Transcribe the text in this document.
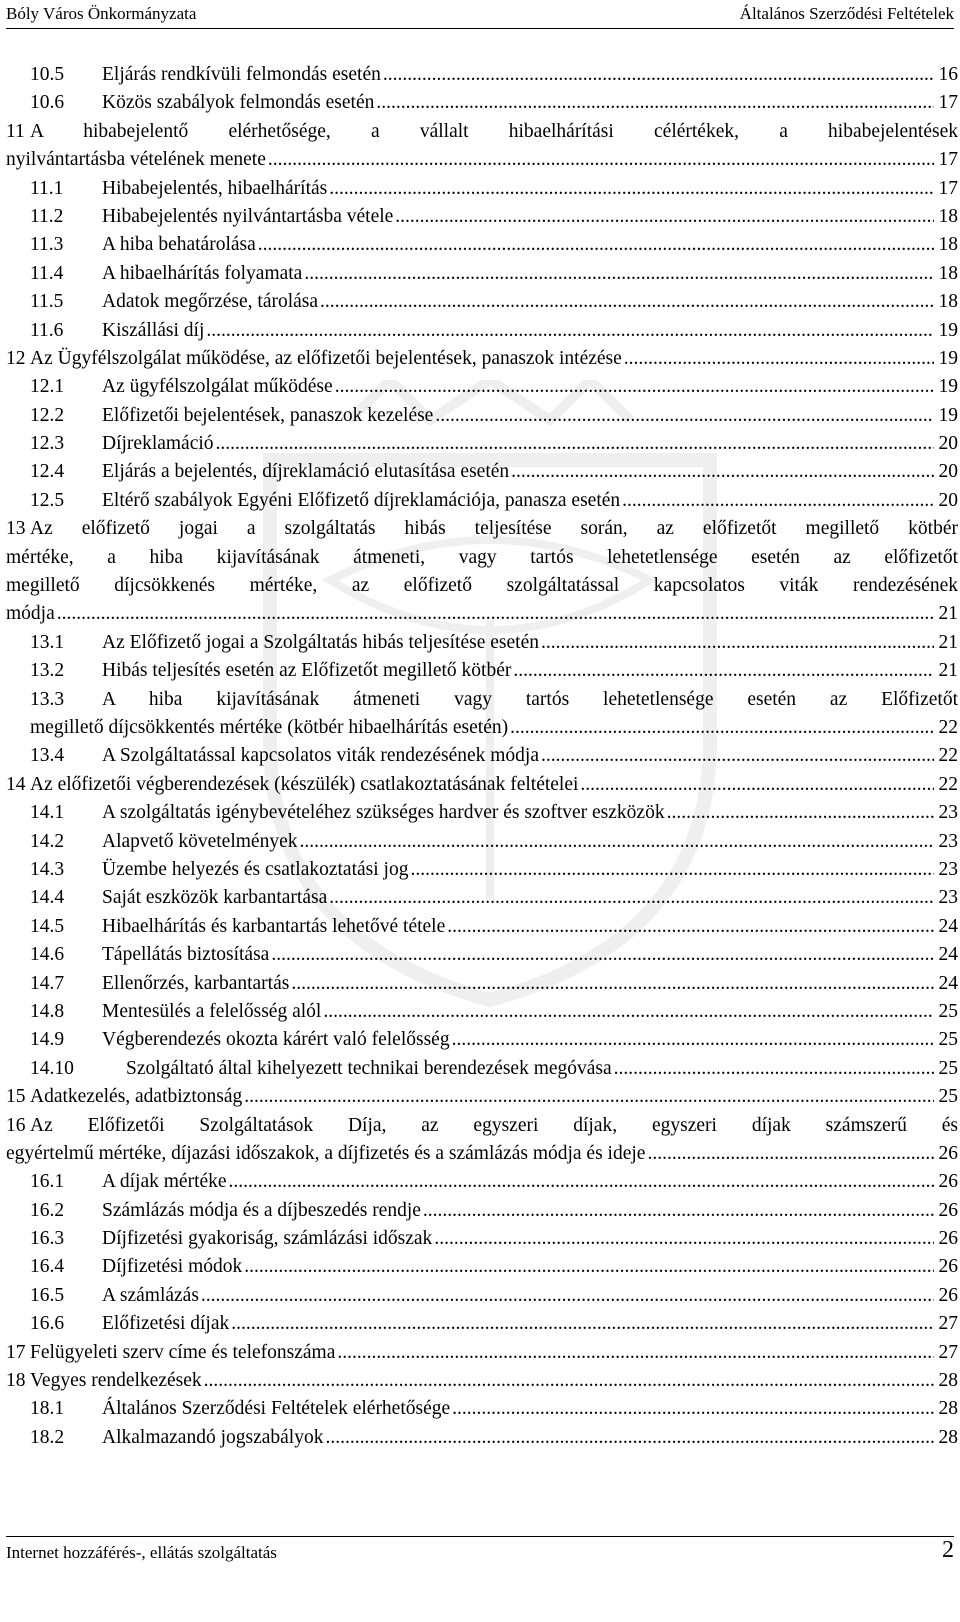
Bóly Város Önkormányzata	Általános Szerződési Feltételek
10.5	Eljárás rendkívüli felmondás esetén .....	16
10.6	Közös szabályok felmondás esetén .....	17
11 A hibabejelentő elérhetősége, a vállalt hibaelhárítási célértékek, a hibabejelentések
nyilvántartásba vételének menete .....	17
11.1	Hibabejelentés, hibaelhárítás .....	17
11.2	Hibabejelentés nyilvántartásba vétele .....	18
11.3	A hiba behatárolása .....	18
11.4	A hibaelhárítás folyamata .....	18
11.5	Adatok megőrzése, tárolása .....	18
11.6	Kiszállási díj .....	19
12 Az Ügyfélszolgálat működése, az előfizetői bejelentések, panaszok intézése .....	19
12.1	Az ügyfélszolgálat működése .....	19
12.2	Előfizetői bejelentések, panaszok kezelése .....	19
12.3	Díjreklamáció .....	20
12.4	Eljárás a bejelentés, díjreklamáció elutasítása esetén .....	20
12.5	Eltérő szabályok Egyéni Előfizető díjreklamációja, panasza esetén .....	20
13 Az előfizető jogai a szolgáltatás hibás teljesítése során, az előfizetőt megillető kötbér
mértéke, a hiba kijavításának átmeneti, vagy tartós lehetetlensége esetén az előfizetőt
megillető díjcsökkenés mértéke, az előfizető szolgáltatással kapcsolatos viták rendezésének
módja .....	21
13.1	Az Előfizető jogai a Szolgáltatás hibás teljesítése esetén .....	21
13.2	Hibás teljesítés esetén az Előfizetőt megillető kötbér .....	21
13.3 A hiba kijavításának átmeneti vagy tartós lehetetlensége esetén az Előfizetőt
megillető díjcsökkentés mértéke (kötbér hibaelhárítás esetén) .....	22
13.4	A Szolgáltatással kapcsolatos viták rendezésének módja .....	22
14 Az előfizetői végberendezések (készülék) csatlakoztatásának feltételei .....	22
14.1	A szolgáltatás igénybevételéhez szükséges hardver és szoftver eszközök .....	23
14.2	Alapvető követelmények .....	23
14.3	Üzembe helyezés és csatlakoztatási jog .....	23
14.4	Saját eszközök karbantartása .....	23
14.5	Hibaelhárítás és karbantartás lehetővé tétele .....	24
14.6	Tápellátás biztosítása .....	24
14.7	Ellenőrzés, karbantartás .....	24
14.8	Mentesülés a felelősség alól .....	25
14.9	Végberendezés okozta kárért való felelősség .....	25
14.10	Szolgáltató által kihelyezett technikai berendezések megóvása .....	25
15 Adatkezelés, adatbiztonság .....	25
16 Az Előfizetői Szolgáltatások Díja, az egyszeri díjak, egyszeri díjak számszerű és
egyértelmű mértéke, díjazási időszakok, a díjfizetés és a számlázás módja és ideje .....	26
16.1	A díjak mértéke .....	26
16.2	Számlázás módja és a díjbeszedés rendje .....	26
16.3	Díjfizetési gyakoriság, számlázási időszak .....	26
16.4	Díjfizetési módok .....	26
16.5	A számlázás .....	26
16.6	Előfizetési díjak .....	27
17 Felügyeleti szerv címe és telefonszáma .....	27
18 Vegyes rendelkezések .....	28
18.1	Általános Szerződési Feltételek elérhetősége .....	28
18.2	Alkalmazandó jogszabályok .....	28
Internet hozzáférés-, ellátás szolgáltatás	2
